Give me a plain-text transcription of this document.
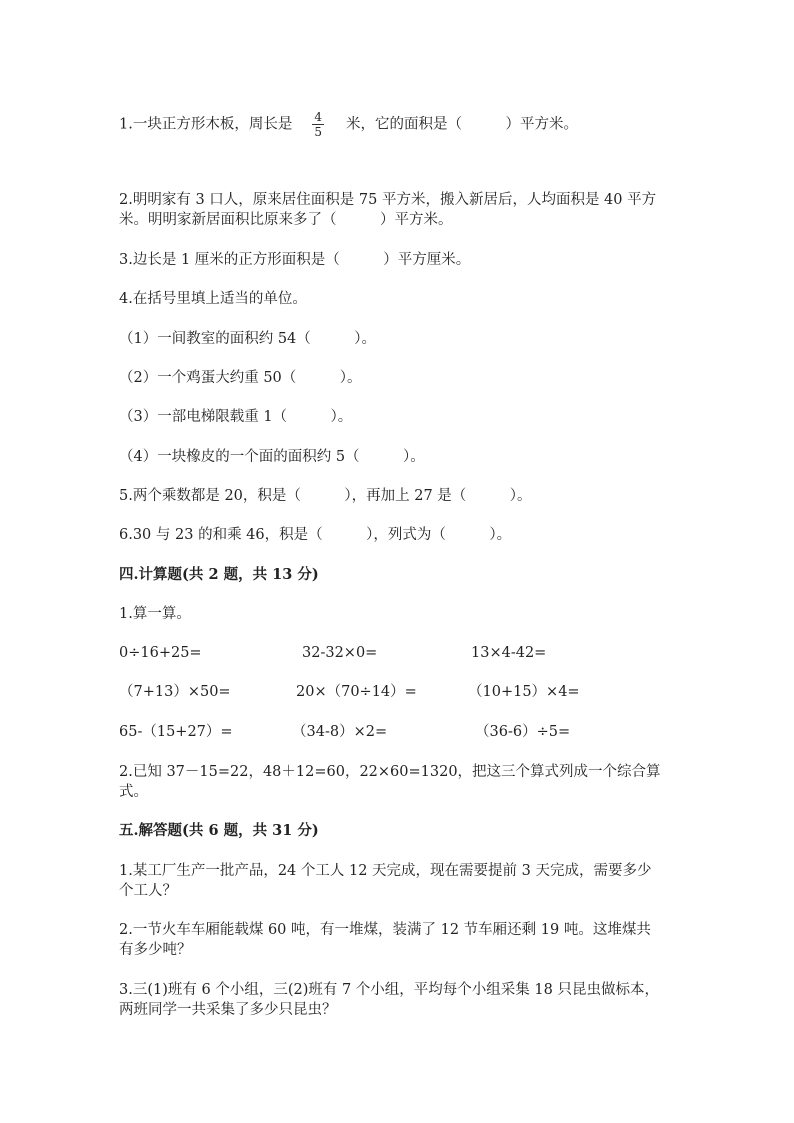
1.一块正方形木板，周长是 $\frac{4}{5}$ 米，它的面积是（　　　）平方米。
2.明明家有 3 口人，原来居住面积是 75 平方米，搬入新居后，人均面积是 40 平方米。明明家新居面积比原来多了（　　　）平方米。
3.边长是 1 厘米的正方形面积是（　　　）平方厘米。
4.在括号里填上适当的单位。
（1）一间教室的面积约 54（　　　）。
（2）一个鸡蛋大约重 50（　　　）。
（3）一部电梯限载重 1（　　　）。
（4）一块橡皮的一个面的面积约 5（　　　）。
5.两个乘数都是 20，积是（　　　），再加上 27 是（　　　）。
6.30 与 23 的和乘 46，积是（　　　），列式为（　　　）。
四.计算题(共 2 题，共 13 分)
1.算一算。
0÷16+25=	32-32×0=	13×4-42=
（7+13）×50=	20×（70÷14）=	（10+15）×4=
65-（15+27）=	（34-8）×2=	（36-6）÷5=
2.已知 37－15=22，48＋12=60，22×60=1320，把这三个算式列成一个综合算式。
五.解答题(共 6 题，共 31 分)
1.某工厂生产一批产品，24 个工人 12 天完成，现在需要提前 3 天完成，需要多少个工人？
2.一节火车车厢能载煤 60 吨，有一堆煤，装满了 12 节车厢还剩 19 吨。这堆煤共有多少吨？
3.三(1)班有 6 个小组，三(2)班有 7 个小组，平均每个小组采集 18 只昆虫做标本，两班同学一共采集了多少只昆虫？
